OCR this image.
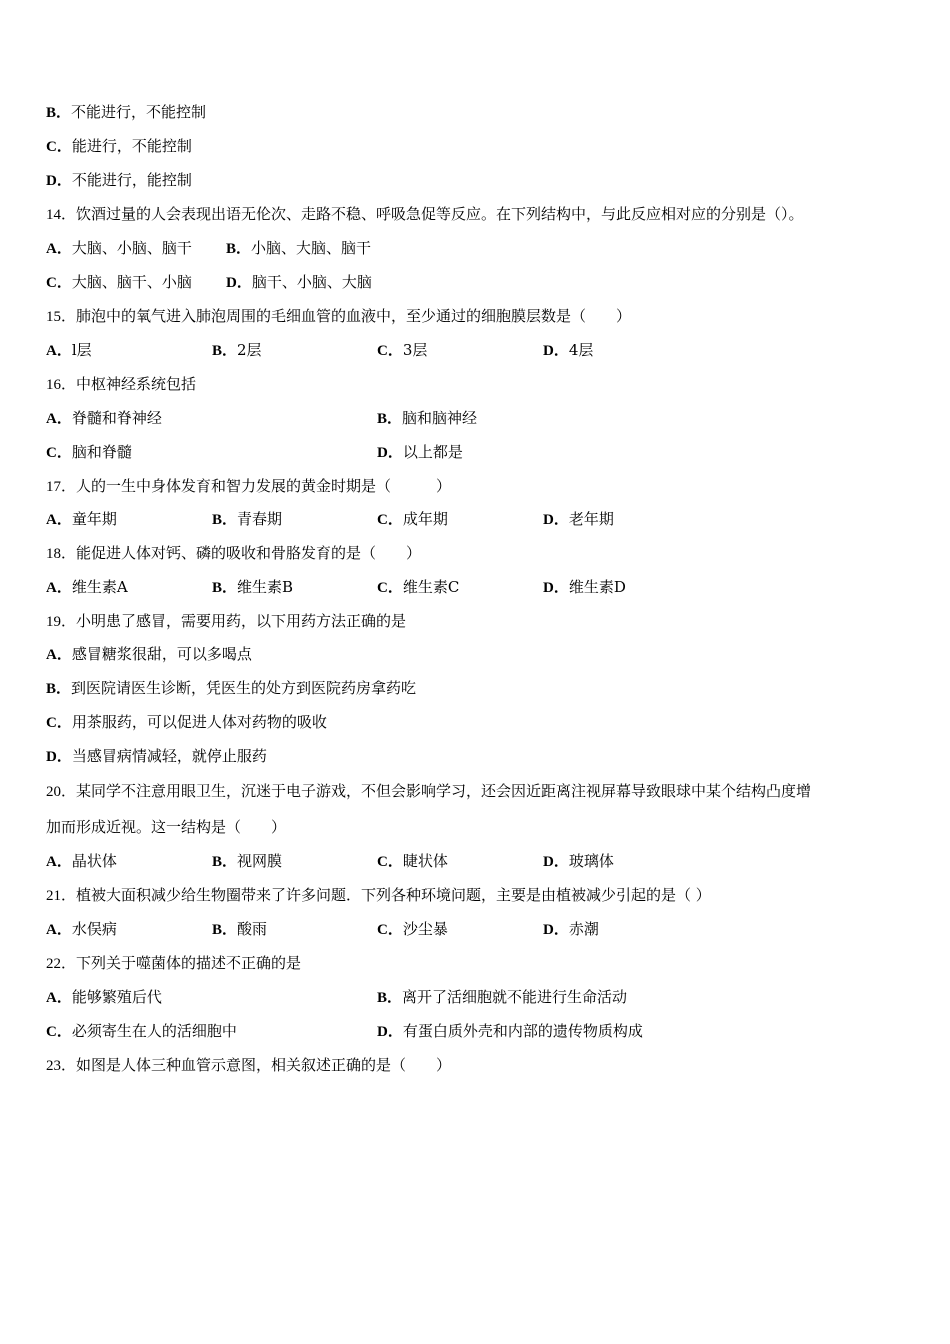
B．不能进行，不能控制
C．能进行，不能控制
D．不能进行，能控制
14．饮酒过量的人会表现出语无伦次、走路不稳、呼吸急促等反应。在下列结构中，与此反应相对应的分别是（）。
A．大脑、小脑、脑干 B．小脑、大脑、脑干
C．大脑、脑干、小脑 D．脑干、小脑、大脑
15．肺泡中的氧气进入肺泡周围的毛细血管的血液中，至少通过的细胞膜层数是（　　）
A．l层	B．2层	C．3层	D．4层
16．中枢神经系统包括
A．脊髓和脊神经	B．脑和脑神经
C．脑和脊髓	D．以上都是
17．人的一生中身体发育和智力发展的黄金时期是（　　　）
A．童年期	B．青春期	C．成年期	D．老年期
18．能促进人体对钙、磷的吸收和骨胳发育的是（　　）
A．维生素A	B．维生素B	C．维生素C	D．维生素D
19．小明患了感冒，需要用药，以下用药方法正确的是
A．感冒糖浆很甜，可以多喝点
B．到医院请医生诊断，凭医生的处方到医院药房拿药吃
C．用茶服药，可以促进人体对药物的吸收
D．当感冒病情减轻，就停止服药
20．某同学不注意用眼卫生，沉迷于电子游戏，不但会影响学习，还会因近距离注视屏幕导致眼球中某个结构凸度增
加而形成近视。这一结构是（　　）
A．晶状体	B．视网膜	C．睫状体	D．玻璃体
21．植被大面积减少给生物圈带来了许多问题．下列各种环境问题，主要是由植被减少引起的是（ ）
A．水俣病	B．酸雨	C．沙尘暴	D．赤潮
22．下列关于噬菌体的描述不正确的是
A．能够繁殖后代	B．离开了活细胞就不能进行生命活动
C．必须寄生在人的活细胞中	D．有蛋白质外壳和内部的遗传物质构成
23．如图是人体三种血管示意图，相关叙述正确的是（　　）
